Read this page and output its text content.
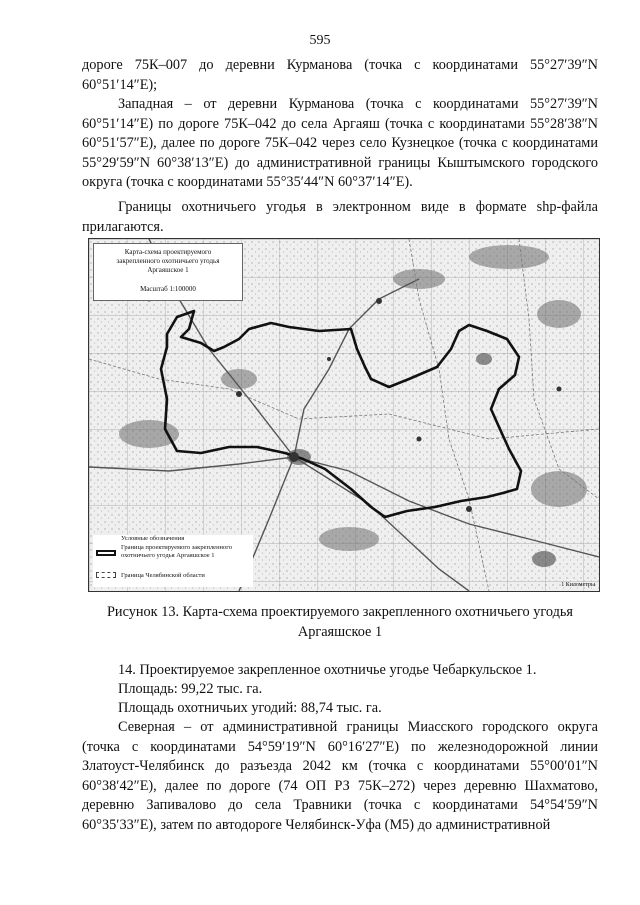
595

дороге 75К–007 до деревни Курманова (точка с координатами 55°27′39″N 60°51′14″E);

Западная – от деревни Курманова (точка с координатами 55°27′39″N 60°51′14″E) по дороге 75К–042 до села Аргаяш (точка с координатами 55°28′38″N 60°51′57″E), далее по дороге 75К–042 через село Кузнецкое (точка с координатами 55°29′59″N 60°38′13″E) до административной границы Кыштымского городского округа (точка с координатами 55°35′44″N 60°37′14″E).

Границы охотничьего угодья в электронном виде в формате shp-файла прилагаются.

Карта-схема проектируемого
закрепленного охотничьего угодья
Аргаяшское 1
Масштаб 1:100000
Условные обозначения
Граница проектируемого закрепленного охотничьего угодья Аргаяшское 1
Граница Челябинской области
1 Километры
Рисунок 13. Карта-схема проектируемого закрепленного охотничьего угодья Аргаяшское 1

14. Проектируемое закрепленное охотничье угодье Чебаркульское 1.

Площадь: 99,22 тыс. га.

Площадь охотничьих угодий: 88,74 тыс. га.

Северная – от административной границы Миасского городского округа (точка с координатами 54°59′19″N 60°16′27″E) по железнодорожной линии Златоуст-Челябинск до разъезда 2042 км (точка с координатами 55°00′01″N 60°38′42″E), далее по дороге (74 ОП РЗ 75К–272) через деревню Шахматово, деревню Запивалово до села Травники (точка с координатами 54°54′59″N 60°35′33″E), затем по автодороге Челябинск-Уфа (М5) до административной
